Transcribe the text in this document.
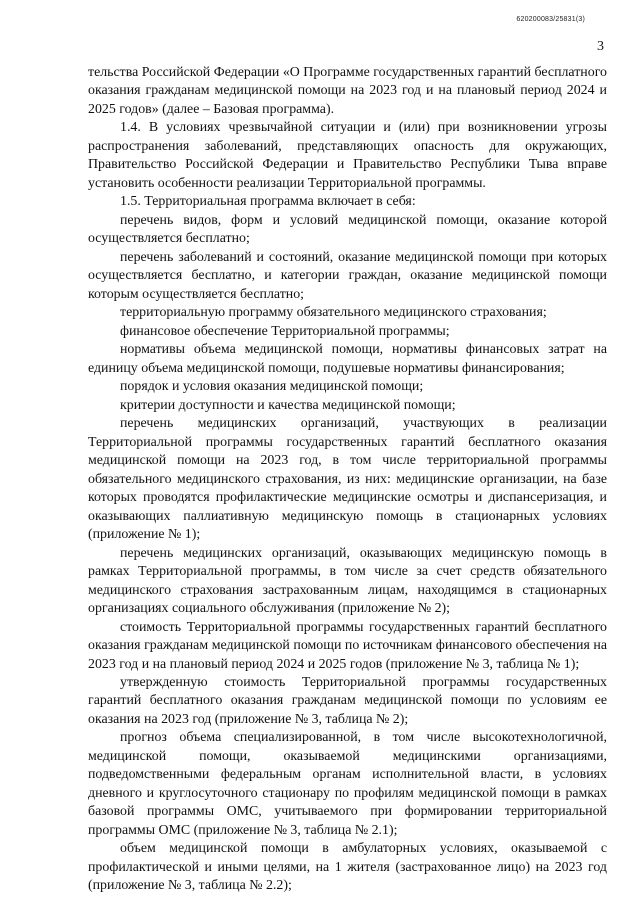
620200083/25831(3)
3

тельства Российской Федерации «О Программе государственных гарантий бесплатного оказания гражданам медицинской помощи на 2023 год и на плановый период 2024 и 2025 годов» (далее – Базовая программа).

1.4. В условиях чрезвычайной ситуации и (или) при возникновении угрозы распространения заболеваний, представляющих опасность для окружающих, Правительство Российской Федерации и Правительство Республики Тыва вправе установить особенности реализации Территориальной программы.

1.5. Территориальная программа включает в себя:

перечень видов, форм и условий медицинской помощи, оказание которой осуществляется бесплатно;

перечень заболеваний и состояний, оказание медицинской помощи при которых осуществляется бесплатно, и категории граждан, оказание медицинской помощи которым осуществляется бесплатно;

территориальную программу обязательного медицинского страхования;

финансовое обеспечение Территориальной программы;

нормативы объема медицинской помощи, нормативы финансовых затрат на единицу объема медицинской помощи, подушевые нормативы финансирования;

порядок и условия оказания медицинской помощи;

критерии доступности и качества медицинской помощи;

перечень медицинских организаций, участвующих в реализации Территориальной программы государственных гарантий бесплатного оказания медицинской помощи на 2023 год, в том числе территориальной программы обязательного медицинского страхования, из них: медицинские организации, на базе которых проводятся профилактические медицинские осмотры и диспансеризация, и оказывающих паллиативную медицинскую помощь в стационарных условиях (приложение № 1);

перечень медицинских организаций, оказывающих медицинскую помощь в рамках Территориальной программы, в том числе за счет средств обязательного медицинского страхования застрахованным лицам, находящимся в стационарных организациях социального обслуживания (приложение № 2);

стоимость Территориальной программы государственных гарантий бесплатного оказания гражданам медицинской помощи по источникам финансового обеспечения на 2023 год и на плановый период 2024 и 2025 годов (приложение № 3, таблица № 1);

утвержденную стоимость Территориальной программы государственных гарантий бесплатного оказания гражданам медицинской помощи по условиям ее оказания на 2023 год (приложение № 3, таблица № 2);

прогноз объема специализированной, в том числе высокотехнологичной, медицинской помощи, оказываемой медицинскими организациями, подведомственными федеральным органам исполнительной власти, в условиях дневного и круглосуточного стационару по профилям медицинской помощи в рамках базовой программы ОМС, учитываемого при формировании территориальной программы ОМС (приложение № 3, таблица № 2.1);

объем медицинской помощи в амбулаторных условиях, оказываемой с профилактической и иными целями, на 1 жителя (застрахованное лицо) на 2023 год (приложение № 3, таблица № 2.2);
